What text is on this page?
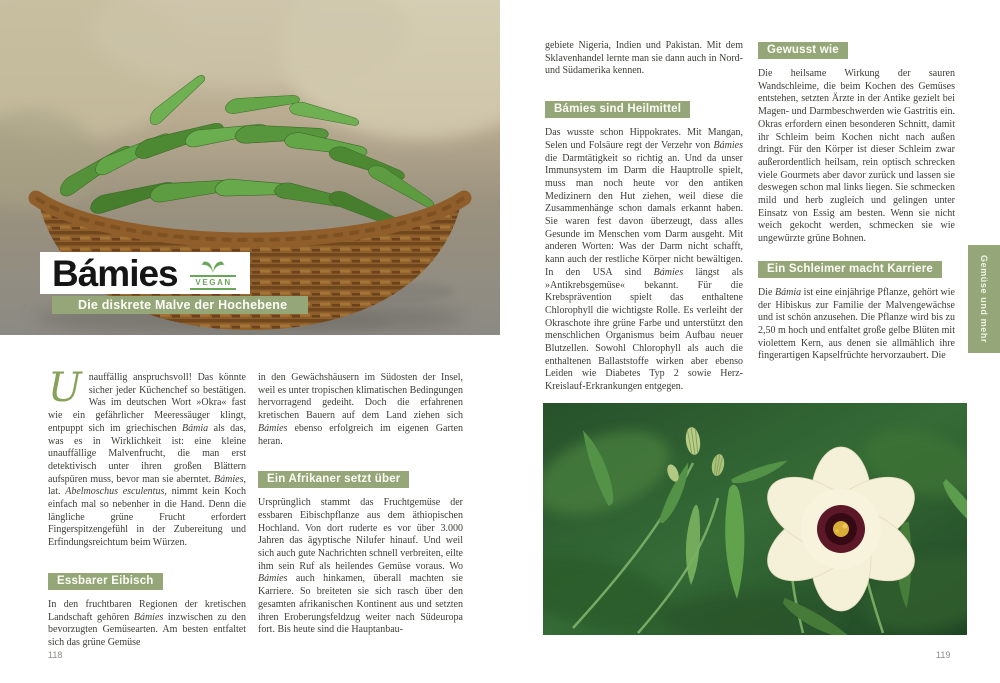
Bámies	VEGAN
Die diskrete Malve der Hochebene

Unauffällig anspruchsvoll! Das könnte sicher jeder Küchenchef so bestätigen. Was im deutschen Wort »Okra« fast wie ein gefährlicher Meeressäuger klingt, entpuppt sich im griechischen Bámia als das, was es in Wirklichkeit ist: eine kleine unauffällige Malvenfrucht, die man erst detektivisch unter ihren großen Blättern aufspüren muss, bevor man sie aberntet. Bámies, lat. Abelmoschus esculentus, nimmt kein Koch einfach mal so nebenher in die Hand. Denn die längliche grüne Frucht erfordert Fingerspitzengefühl in der Zubereitung und Erfindungsreichtum beim Würzen.

Essbarer Eibisch

In den fruchtbaren Regionen der kretischen Landschaft gehören Bámies inzwischen zu den bevorzugten Gemüsearten. Am besten entfaltet sich das grüne Gemüse

in den Gewächshäusern im Südosten der Insel, weil es unter tropischen klimatischen Bedingungen hervorragend gedeiht. Doch die erfahrenen kretischen Bauern auf dem Land ziehen sich Bámies ebenso erfolgreich im eigenen Garten heran.

Ein Afrikaner setzt über

Ursprünglich stammt das Fruchtgemüse der essbaren Eibischpflanze aus dem äthiopischen Hochland. Von dort ruderte es vor über 3.000 Jahren das ägyptische Nilufer hinauf. Und weil sich auch gute Nachrichten schnell verbreiten, eilte ihm sein Ruf als heilendes Gemüse voraus. Wo Bámies auch hinkamen, überall machten sie Karriere. So breiteten sie sich rasch über den gesamten afrikanischen Kontinent aus und setzten ihren Eroberungsfeldzug weiter nach Südeuropa fort. Bis heute sind die Hauptanbau-

118

gebiete Nigeria, Indien und Pakistan. Mit dem Sklavenhandel lernte man sie dann auch in Nord- und Südamerika kennen.

Bámies sind Heilmittel

Das wusste schon Hippokrates. Mit Mangan, Selen und Folsäure regt der Verzehr von Bámies die Darmtätigkeit so richtig an. Und da unser Immunsystem im Darm die Hauptrolle spielt, muss man noch heute vor den antiken Medizinern den Hut ziehen, weil diese die Zusammenhänge schon damals erkannt haben. Sie waren fest davon überzeugt, dass alles Gesunde im Menschen vom Darm ausgeht. Mit anderen Worten: Was der Darm nicht schafft, kann auch der restliche Körper nicht bewältigen. In den USA sind Bámies längst als »Antikrebsgemüse« bekannt. Für die Krebsprävention spielt das enthaltene Chlorophyll die wichtigste Rolle. Es verleiht der Okraschote ihre grüne Farbe und unterstützt den menschlichen Organismus beim Aufbau neuer Blutzellen. Sowohl Chlorophyll als auch die enthaltenen Ballaststoffe wirken aber ebenso Leiden wie Diabetes Typ 2 sowie Herz-Kreislauf-Erkrankungen entgegen.

Gewusst wie

Die heilsame Wirkung der sauren Wandschleime, die beim Kochen des Gemüses entstehen, setzten Ärzte in der Antike gezielt bei Magen- und Darmbeschwerden wie Gastritis ein. Okras erfordern einen besonderen Schnitt, damit ihr Schleim beim Kochen nicht nach außen dringt. Für den Körper ist dieser Schleim zwar außerordentlich heilsam, rein optisch schrecken viele Gourmets aber davor zurück und lassen sie deswegen schon mal links liegen. Sie schmecken mild und herb zugleich und gelingen unter Einsatz von Essig am besten. Wenn sie nicht weich gekocht werden, schmecken sie wie ungewürzte grüne Bohnen.

Ein Schleimer macht Karriere

Die Bámia ist eine einjährige Pflanze, gehört wie der Hibiskus zur Familie der Malvengewächse und ist schön anzusehen. Die Pflanze wird bis zu 2,50 m hoch und entfaltet große gelbe Blüten mit violettem Kern, aus denen sie allmählich ihre fingerartigen Kapselfrüchte hervorzaubert. Die

Gemüse und mehr
119
